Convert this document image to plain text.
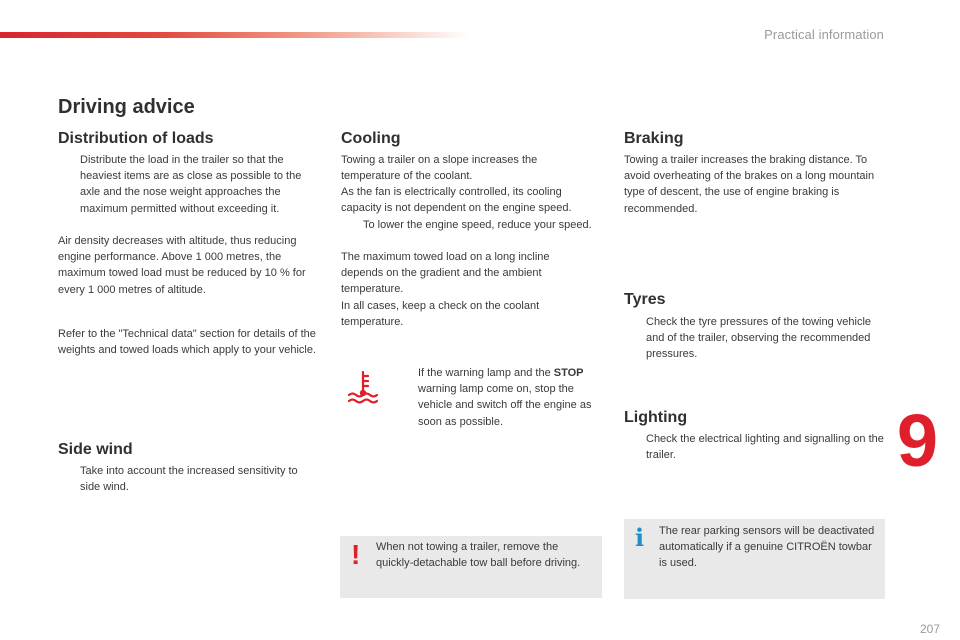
Practical information
Driving advice
Distribution of loads

Distribute the load in the trailer so that the heaviest items are as close as possible to the axle and the nose weight approaches the maximum permitted without exceeding it.

Air density decreases with altitude, thus reducing engine performance. Above 1 000 metres, the maximum towed load must be reduced by 10 % for every 1 000 metres of altitude.

Refer to the "Technical data" section for details of the weights and towed loads which apply to your vehicle.

Side wind

Take into account the increased sensitivity to side wind.

Cooling

Towing a trailer on a slope increases the temperature of the coolant.

As the fan is electrically controlled, its cooling capacity is not dependent on the engine speed.

To lower the engine speed, reduce your speed.

The maximum towed load on a long incline depends on the gradient and the ambient temperature.

In all cases, keep a check on the coolant temperature.

If the warning lamp and the STOP warning lamp come on, stop the vehicle and switch off the engine as soon as possible.

! When not towing a trailer, remove the quickly-detachable tow ball before driving.
Braking

Towing a trailer increases the braking distance. To avoid overheating of the brakes on a long mountain type of descent, the use of engine braking is recommended.

Tyres

Check the tyre pressures of the towing vehicle and of the trailer, observing the recommended pressures.

Lighting

Check the electrical lighting and signalling on the trailer.

i The rear parking sensors will be deactivated automatically if a genuine CITROËN towbar is used.
9
207
